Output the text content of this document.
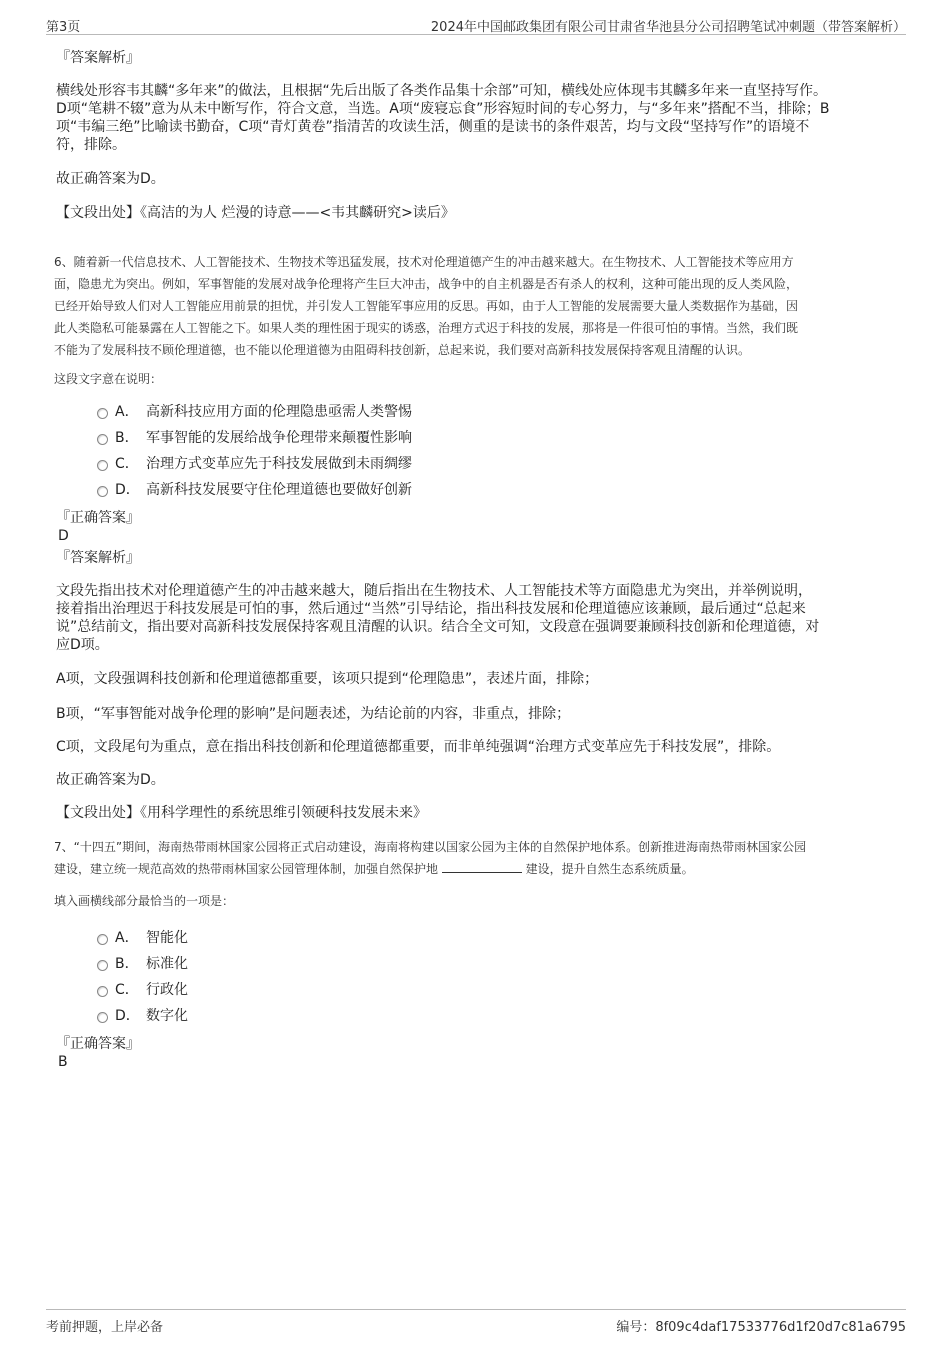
第3页	2024年中国邮政集团有限公司甘肃省华池县分公司招聘笔试冲刺题（带答案解析）
『答案解析』

横线处形容韦其麟“多年来”的做法，且根据“先后出版了各类作品集十余部”可知，横线处应体现韦其麟多年来一直坚持写作。

D项“笔耕不辍”意为从未中断写作，符合文意，当选。A项“废寝忘食”形容短时间的专心努力，与“多年来”搭配不当，排除；B

项“韦编三绝”比喻读书勤奋，C项“青灯黄卷”指清苦的攻读生活，侧重的是读书的条件艰苦，均与文段“坚持写作”的语境不

符，排除。

故正确答案为D。
【文段出处】《高洁的为人 烂漫的诗意——<韦其麟研究>读后》
6、随着新一代信息技术、人工智能技术、生物技术等迅猛发展，技术对伦理道德产生的冲击越来越大。在生物技术、人工智能技术等应用方
面，隐患尤为突出。例如，军事智能的发展对战争伦理将产生巨大冲击，战争中的自主机器是否有杀人的权利，这种可能出现的反人类风险，
已经开始导致人们对人工智能应用前景的担忧，并引发人工智能军事应用的反思。再如，由于人工智能的发展需要大量人类数据作为基础，因
此人类隐私可能暴露在人工智能之下。如果人类的理性困于现实的诱惑，治理方式迟于科技的发展，那将是一件很可怕的事情。当然，我们既
不能为了发展科技不顾伦理道德，也不能以伦理道德为由阻碍科技创新，总起来说，我们要对高新科技发展保持客观且清醒的认识。
这段文字意在说明：
A． 高新科技应用方面的伦理隐患亟需人类警惕
B． 军事智能的发展给战争伦理带来颠覆性影响
C． 治理方式变革应先于科技发展做到未雨绸缪
D． 高新科技发展要守住伦理道德也要做好创新
『正确答案』
D
『答案解析』

文段先指出技术对伦理道德产生的冲击越来越大，随后指出在生物技术、人工智能技术等方面隐患尤为突出，并举例说明，

接着指出治理迟于科技发展是可怕的事，然后通过“当然”引导结论，指出科技发展和伦理道德应该兼顾，最后通过“总起来

说”总结前文，指出要对高新科技发展保持客观且清醒的认识。结合全文可知，文段意在强调要兼顾科技创新和伦理道德，对

应D项。

A项，文段强调科技创新和伦理道德都重要，该项只提到“伦理隐患”，表述片面，排除；
B项，“军事智能对战争伦理的影响”是问题表述，为结论前的内容，非重点，排除；
C项，文段尾句为重点，意在指出科技创新和伦理道德都重要，而非单纯强调“治理方式变革应先于科技发展”，排除。
故正确答案为D。
【文段出处】《用科学理性的系统思维引领硬科技发展未来》
7、“十四五”期间，海南热带雨林国家公园将正式启动建设，海南将构建以国家公园为主体的自然保护地体系。创新推进海南热带雨林国家公园
建设，建立统一规范高效的热带雨林国家公园管理体制，加强自然保护地	建设，提升自然生态系统质量。
填入画横线部分最恰当的一项是：
A． 智能化
B． 标准化
C． 行政化
D． 数字化
『正确答案』
B
考前押题，上岸必备	编号：8f09c4daf17533776d1f20d7c81a6795
